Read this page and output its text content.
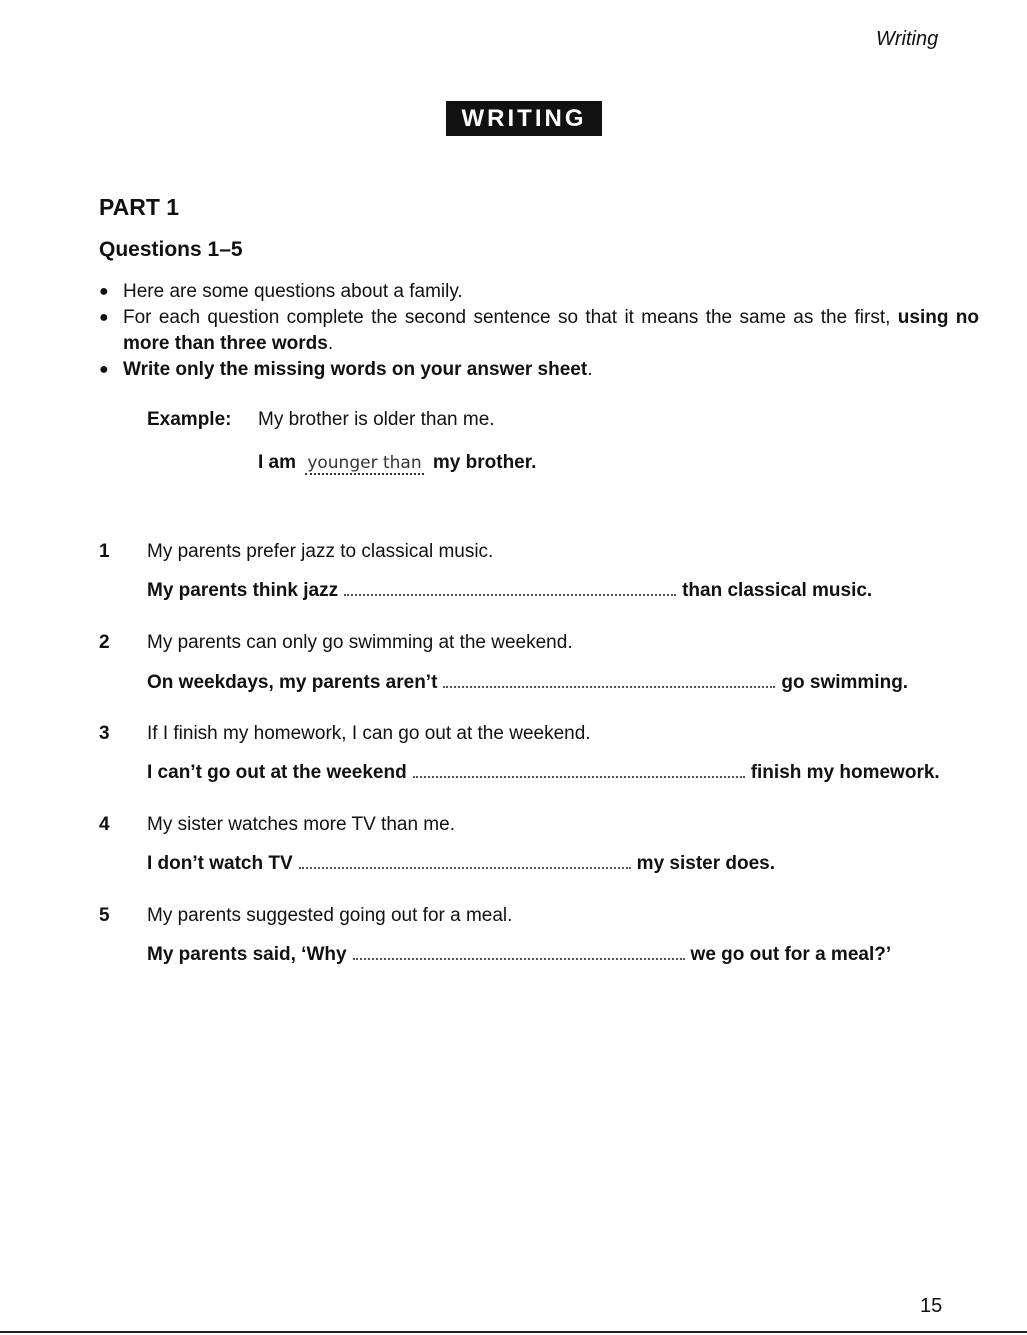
Writing
WRITING
PART 1
Questions 1–5
● Here are some questions about a family.
● For each question complete the second sentence so that it means the same as the first, using no more than three words.
● Write only the missing words on your answer sheet.
Example: My brother is older than me.
I am younger than my brother.
1 My parents prefer jazz to classical music.
My parents think jazz	than classical music.
2 My parents can only go swimming at the weekend.
On weekdays, my parents aren’t	go swimming.
3 If I finish my homework, I can go out at the weekend.
I can’t go out at the weekend	finish my homework.
4 My sister watches more TV than me.
I don’t watch TV	my sister does.
5 My parents suggested going out for a meal.
My parents said, ‘Why	we go out for a meal?’
15
